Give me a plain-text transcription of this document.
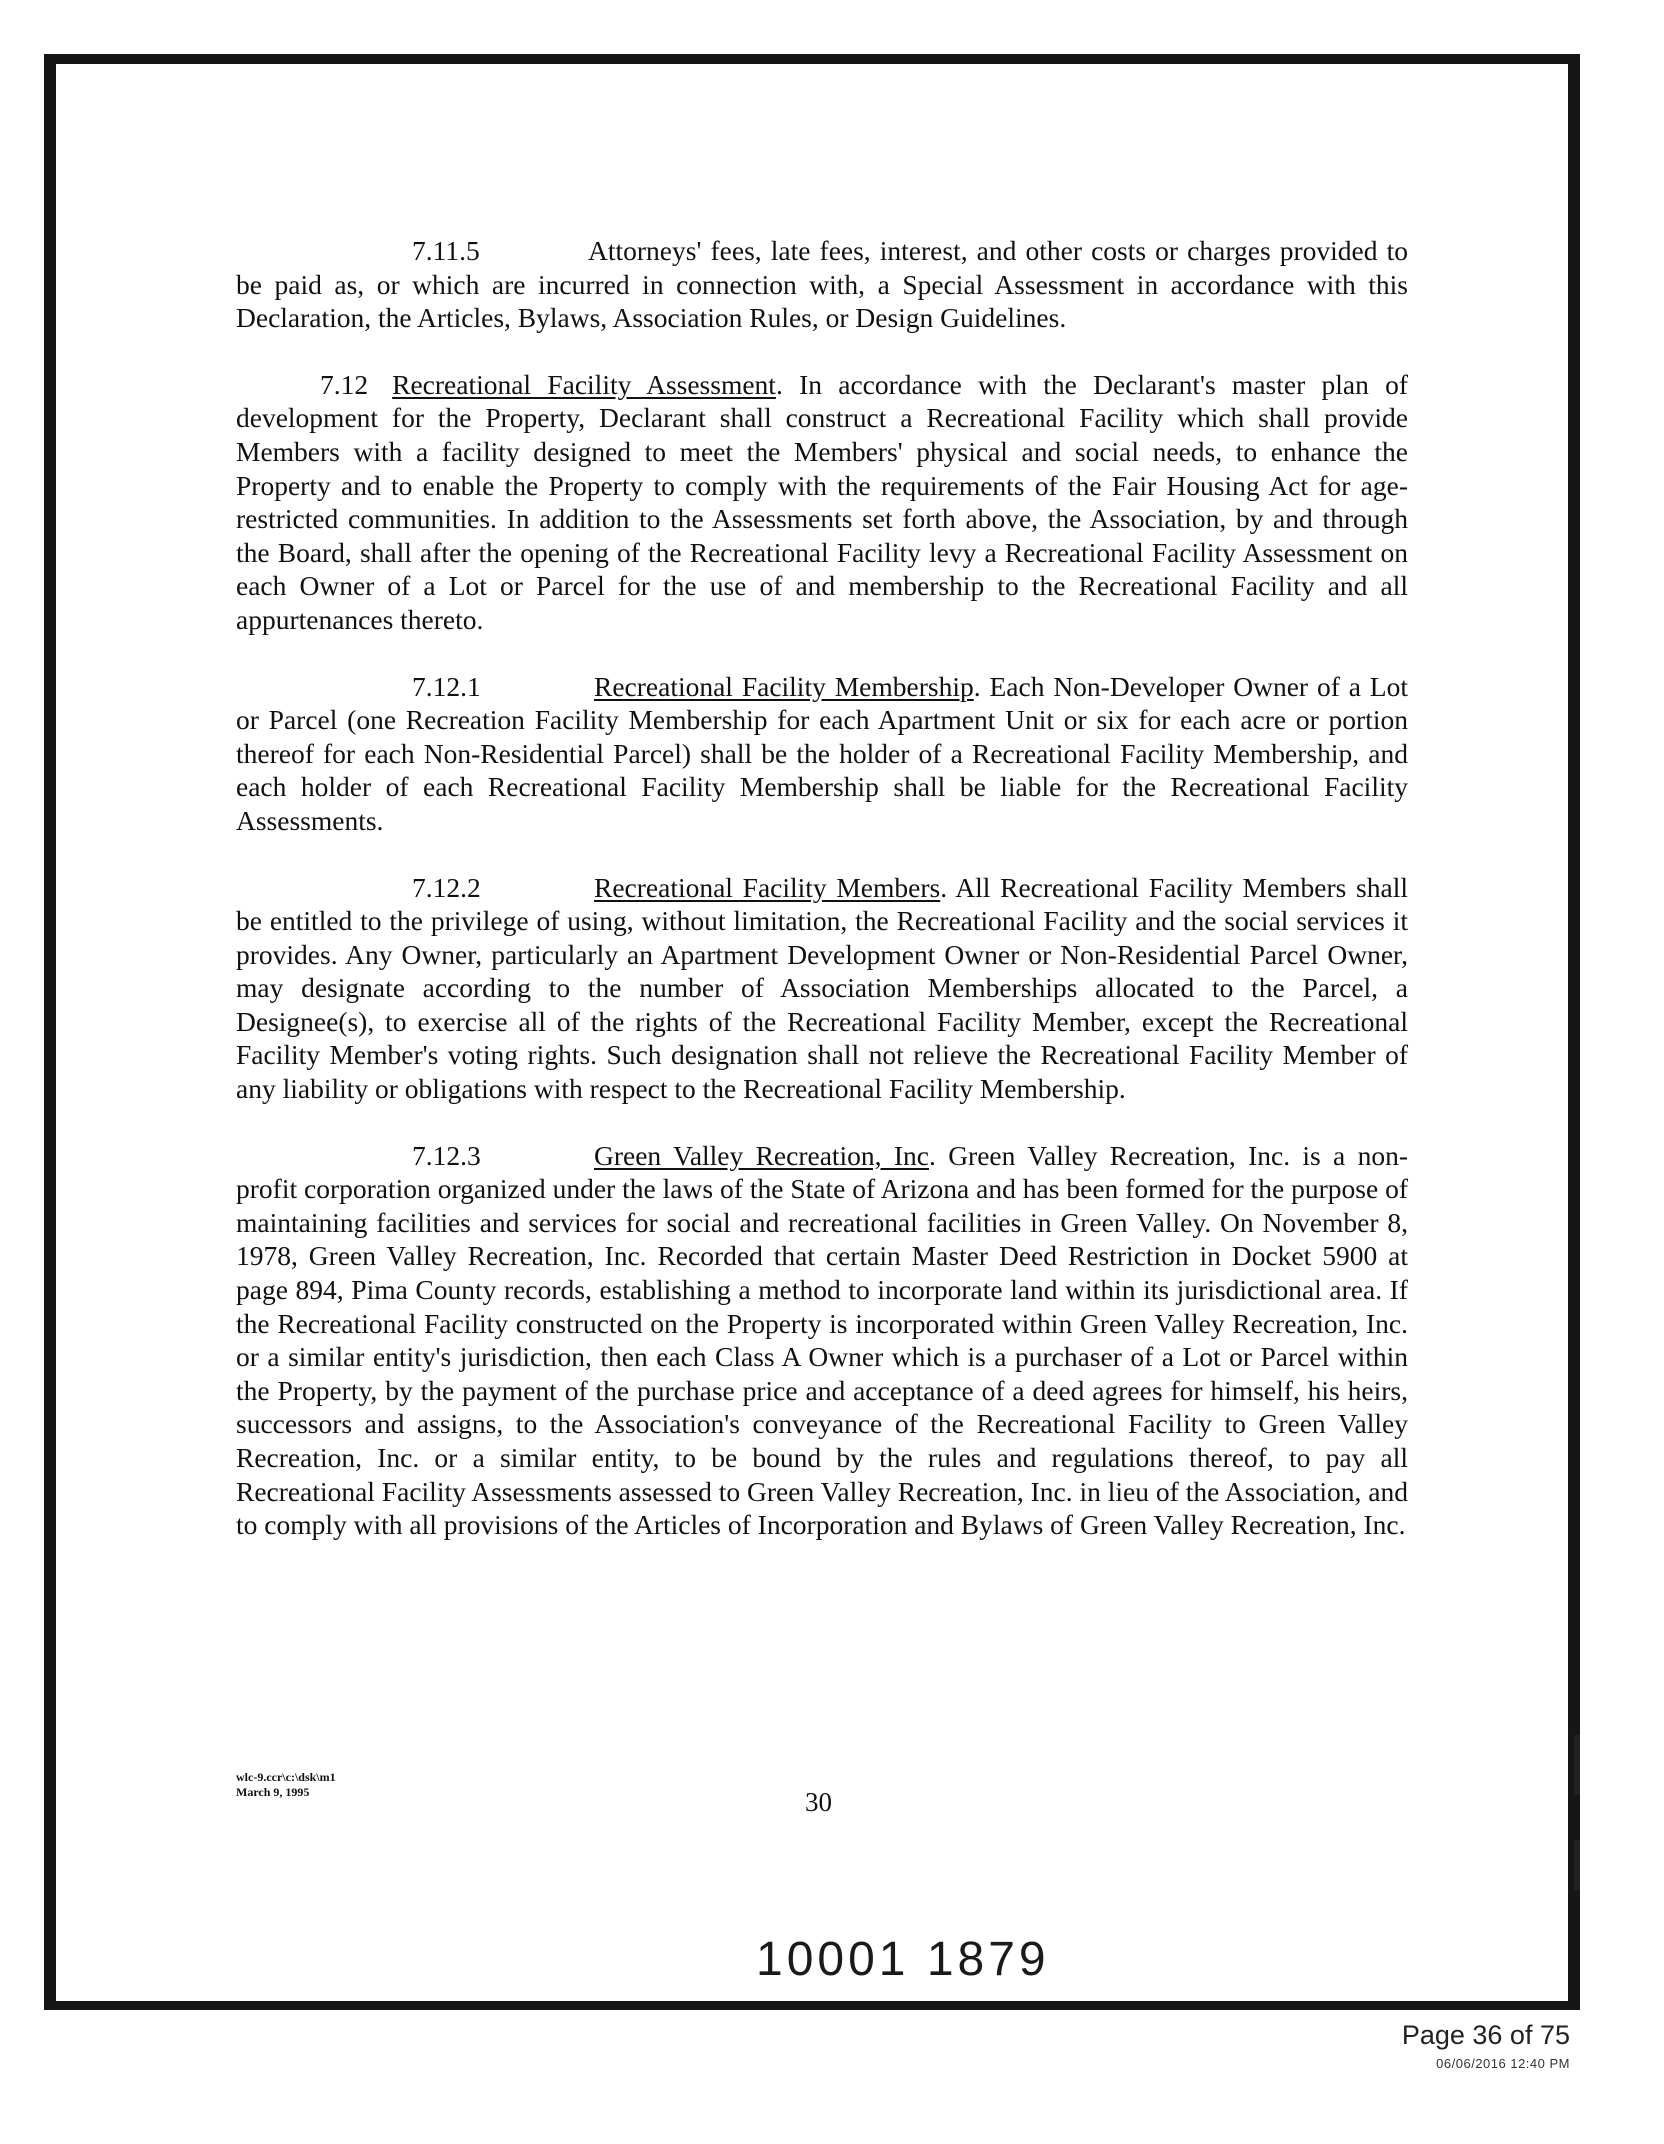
7.11.5	Attorneys' fees, late fees, interest, and other costs or charges provided to be paid as, or which are incurred in connection with, a Special Assessment in accordance with this Declaration, the Articles, Bylaws, Association Rules, or Design Guidelines.

7.12 Recreational Facility Assessment. In accordance with the Declarant's master plan of development for the Property, Declarant shall construct a Recreational Facility which shall provide Members with a facility designed to meet the Members' physical and social needs, to enhance the Property and to enable the Property to comply with the requirements of the Fair Housing Act for age-restricted communities. In addition to the Assessments set forth above, the Association, by and through the Board, shall after the opening of the Recreational Facility levy a Recreational Facility Assessment on each Owner of a Lot or Parcel for the use of and membership to the Recreational Facility and all appurtenances thereto.

7.12.1	Recreational Facility Membership. Each Non-Developer Owner of a Lot or Parcel (one Recreation Facility Membership for each Apartment Unit or six for each acre or portion thereof for each Non-Residential Parcel) shall be the holder of a Recreational Facility Membership, and each holder of each Recreational Facility Membership shall be liable for the Recreational Facility Assessments.

7.12.2	Recreational Facility Members. All Recreational Facility Members shall be entitled to the privilege of using, without limitation, the Recreational Facility and the social services it provides. Any Owner, particularly an Apartment Development Owner or Non-Residential Parcel Owner, may designate according to the number of Association Memberships allocated to the Parcel, a Designee(s), to exercise all of the rights of the Recreational Facility Member, except the Recreational Facility Member's voting rights. Such designation shall not relieve the Recreational Facility Member of any liability or obligations with respect to the Recreational Facility Membership.

7.12.3	Green Valley Recreation, Inc. Green Valley Recreation, Inc. is a non-profit corporation organized under the laws of the State of Arizona and has been formed for the purpose of maintaining facilities and services for social and recreational facilities in Green Valley. On November 8, 1978, Green Valley Recreation, Inc. Recorded that certain Master Deed Restriction in Docket 5900 at page 894, Pima County records, establishing a method to incorporate land within its jurisdictional area. If the Recreational Facility constructed on the Property is incorporated within Green Valley Recreation, Inc. or a similar entity's jurisdiction, then each Class A Owner which is a purchaser of a Lot or Parcel within the Property, by the payment of the purchase price and acceptance of a deed agrees for himself, his heirs, successors and assigns, to the Association's conveyance of the Recreational Facility to Green Valley Recreation, Inc. or a similar entity, to be bound by the rules and regulations thereof, to pay all Recreational Facility Assessments assessed to Green Valley Recreation, Inc. in lieu of the Association, and to comply with all provisions of the Articles of Incorporation and Bylaws of Green Valley Recreation, Inc.

wlc-9.ccr\c:\dsk\m1
March 9, 1995	30
10001 1879
Page 36 of 75
06/06/2016 12:40 PM
